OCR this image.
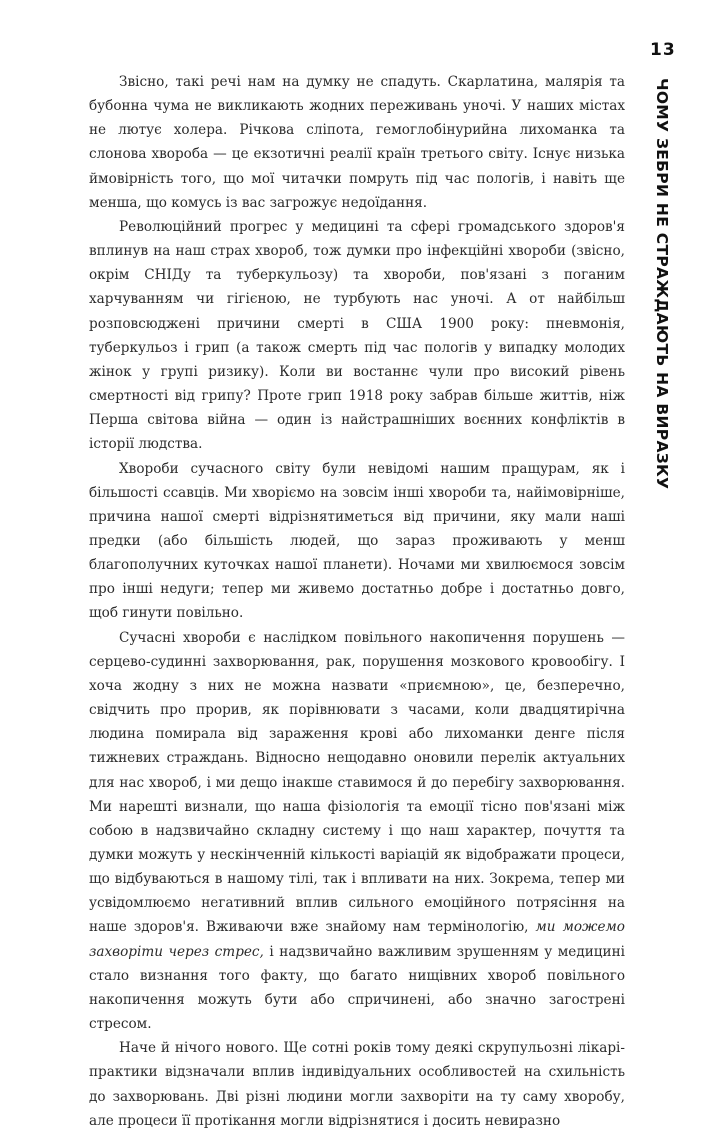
13
ЧОМУ ЗЕБРИ НЕ СТРАЖДАЮТЬ НА ВИРАЗКУ

Звісно, такі речі нам на думку не спадуть. Скарлатина, малярія та бубонна чума не викликають жодних переживань уночі. У наших містах не лютує холера. Річкова сліпота, гемоглобінурийна лихоманка та слонова хвороба — це екзотичні реалії країн третього світу. Існує низька ймовірність того, що мої читачки помруть під час пологів, і навіть ще менша, що комусь із вас загрожує недоїдання.

Революційний прогрес у медицині та сфері громадського здоров'я вплинув на наш страх хвороб, тож думки про інфекційні хвороби (звісно, окрім СНІДу та туберкульозу) та хвороби, пов'язані з поганим харчуванням чи гігієною, не турбують нас уночі. А от найбільш розповсюджені причини смерті в США 1900 року: пневмонія, туберкульоз і грип (а також смерть під час пологів у випадку молодих жінок у групі ризику). Коли ви востаннє чули про високий рівень смертності від грипу? Проте грип 1918 року забрав більше життів, ніж Перша світова війна — один із найстрашніших воєнних конфліктів в історії людства.

Хвороби сучасного світу були невідомі нашим пращурам, як і більшості ссавців. Ми хворіємо на зовсім інші хвороби та, найімовірніше, причина нашої смерті відрізнятиметься від причини, яку мали наші предки (або більшість людей, що зараз проживають у менш благополучних куточках нашої планети). Ночами ми хвилюємося зовсім про інші недуги; тепер ми живемо достатньо добре і достатньо довго, щоб гинути повільно.

Сучасні хвороби є наслідком повільного накопичення порушень — серцево-судинні захворювання, рак, порушення мозкового кровообігу. І хоча жодну з них не можна назвати «приємною», це, безперечно, свідчить про прорив, як порівнювати з часами, коли двадцятирічна людина помирала від зараження крові або лихоманки денге після тижневих страждань. Відносно нещодавно оновили перелік актуальних для нас хвороб, і ми дещо інакше ставимося й до перебігу захворювання. Ми нарешті визнали, що наша фізіологія та емоції тісно пов'язані між собою в надзвичайно складну систему і що наш характер, почуття та думки можуть у нескінченній кількості варіацій як відображати процеси, що відбуваються в нашому тілі, так і впливати на них. Зокрема, тепер ми усвідомлюємо негативний вплив сильного емоційного потрясіння на наше здоров'я. Вживаючи вже знайому нам термінологію, ми можемо захворіти через стрес, і надзвичайно важливим зрушенням у медицині стало визнання того факту, що багато нищівних хвороб повільного накопичення можуть бути або спричинені, або значно загострені стресом.

Наче й нічого нового. Ще сотні років тому деякі скрупульозні лікарі-практики відзначали вплив індивідуальних особливостей на схильність до захворювань. Дві різні людини могли захворіти на ту саму хворобу, але процеси її протікання могли відрізнятися і досить невиразно
